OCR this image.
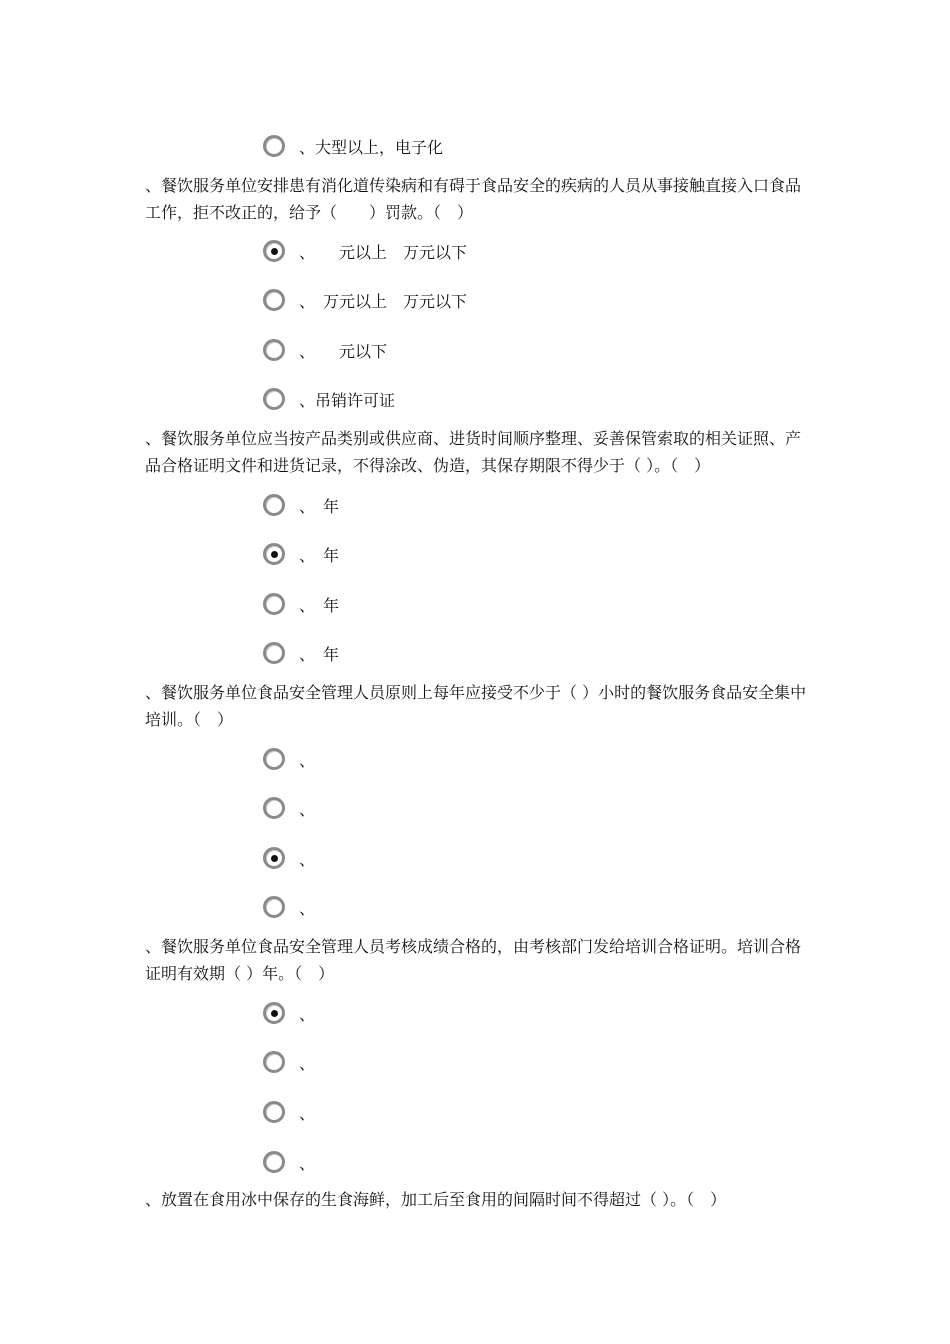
、大型以上，电子化

、餐饮服务单位安排患有消化道传染病和有碍于食品安全的疾病的人员从事接触直接入口食品工作，拒不改正的，给予（　　）罚款。（　）

、　　元以上　万元以下
、　万元以上　万元以下
、　　元以下
、吊销许可证

、餐饮服务单位应当按产品类别或供应商、进货时间顺序整理、妥善保管索取的相关证照、产品合格证明文件和进货记录，不得涂改、伪造，其保存期限不得少于（ ）。（　）

、　年
、　年
、　年
、　年

、餐饮服务单位食品安全管理人员原则上每年应接受不少于（ ）小时的餐饮服务食品安全集中培训。（　）

、
、
、
、

、餐饮服务单位食品安全管理人员考核成绩合格的，由考核部门发给培训合格证明。培训合格证明有效期（ ）年。（　）

、
、
、
、

、放置在食用冰中保存的生食海鲜，加工后至食用的间隔时间不得超过（ ）。（　）
